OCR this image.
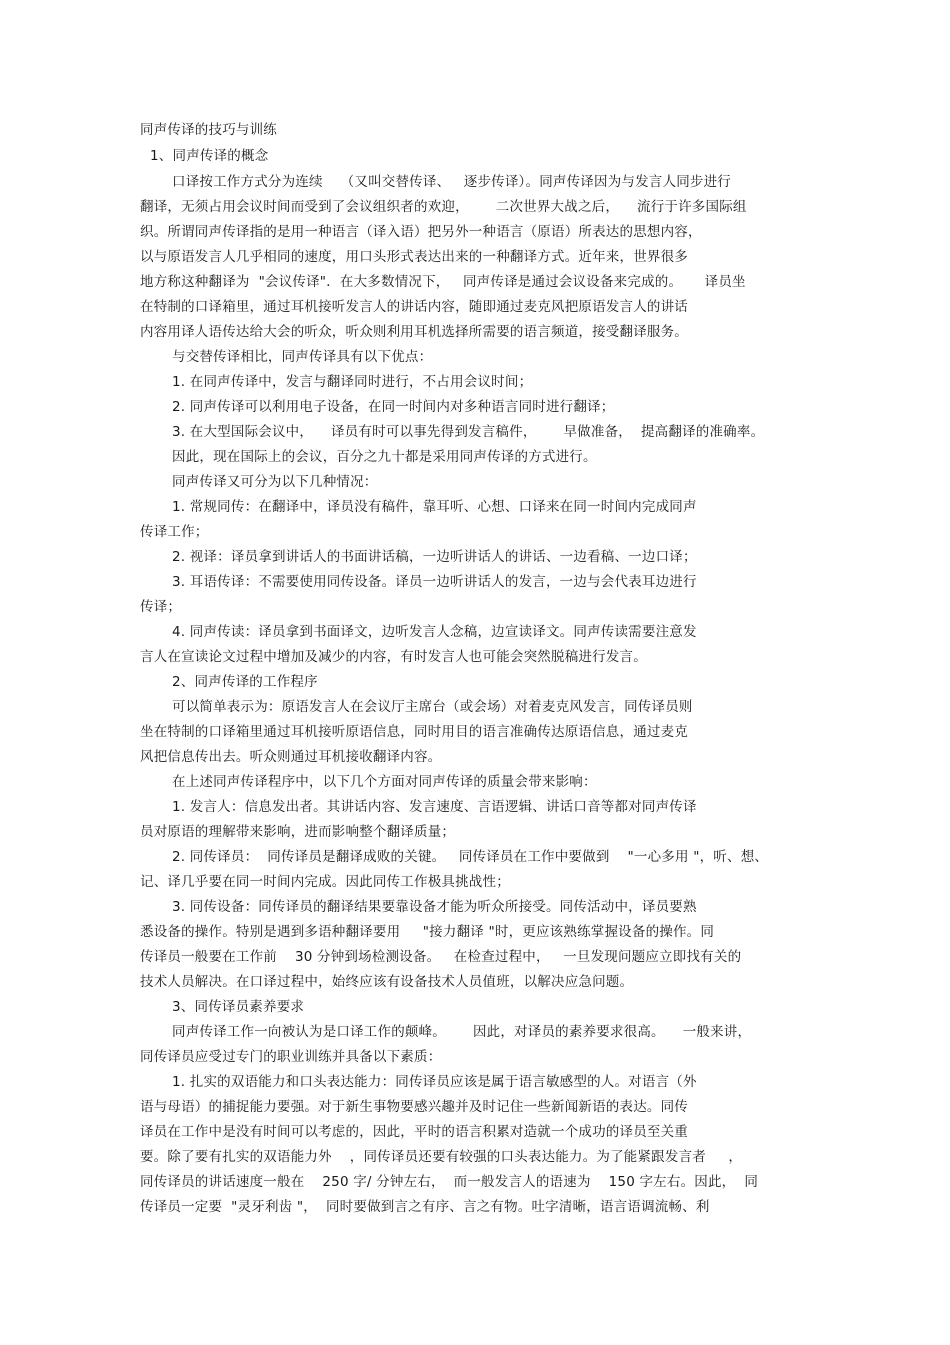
同声传译的技巧与训练
1、同声传译的概念
口译按工作方式分为连续    （又叫交替传译、   逐步传译）。同声传译因为与发言人同步进行
翻译，无须占用会议时间而受到了会议组织者的欢迎，      二次世界大战之后，    流行于许多国际组
织。所谓同声传译指的是用一种语言（译入语）把另外一种语言（原语）所表达的思想内容，
以与原语发言人几乎相同的速度，用口头形式表达出来的一种翻译方式。近年来，世界很多
地方称这种翻译为  "会议传译"．在大多数情况下，   同声传译是通过会议设备来完成的。     译员坐
在特制的口译箱里，通过耳机接听发言人的讲话内容，随即通过麦克风把原语发言人的讲话
内容用译人语传达给大会的听众，听众则利用耳机选择所需要的语言频道，接受翻译服务。
与交替传译相比，同声传译具有以下优点：
1. 在同声传译中，发言与翻译同时进行，不占用会议时间；
2. 同声传译可以利用电子设备，在同一时间内对多种语言同时进行翻译；
3. 在大型国际会议中，    译员有时可以事先得到发言稿件，      早做准备，  提高翻译的准确率。
因此，现在国际上的会议，百分之九十都是采用同声传译的方式进行。
同声传译又可分为以下几种情况：
1. 常规同传：在翻译中，译员没有稿件，靠耳听、心想、口译来在同一时间内完成同声
传译工作；
2. 视译：译员拿到讲话人的书面讲话稿，一边听讲话人的讲话、一边看稿、一边口译；
3. 耳语传译：不需要使用同传设备。译员一边听讲话人的发言，一边与会代表耳边进行
传译；
4. 同声传读：译员拿到书面译文，边听发言人念稿，边宣读译文。同声传读需要注意发
言人在宣读论文过程中增加及减少的内容，有时发言人也可能会突然脱稿进行发言。
2、同声传译的工作程序
可以简单表示为：原语发言人在会议厅主席台（或会场）对着麦克风发言，同传译员则
坐在特制的口译箱里通过耳机接听原语信息，同时用目的语言准确传达原语信息，通过麦克
风把信息传出去。听众则通过耳机接收翻译内容。
在上述同声传译程序中，以下几个方面对同声传译的质量会带来影响：
1. 发言人：信息发出者。其讲话内容、发言速度、言语逻辑、讲话口音等都对同声传译
员对原语的理解带来影响，进而影响整个翻译质量；
2. 同传译员：  同传译员是翻译成败的关键。   同传译员在工作中要做到    "一心多用 "，听、想、
记、译几乎要在同一时间内完成。因此同传工作极具挑战性；
3. 同传设备：同传译员的翻译结果要靠设备才能为听众所接受。同传活动中，译员要熟
悉设备的操作。特别是遇到多语种翻译要用     "接力翻译 "时，更应该熟练掌握设备的操作。同
传译员一般要在工作前    30 分钟到场检测设备。   在检查过程中，   一旦发现问题应立即找有关的
技术人员解决。在口译过程中，始终应该有设备技术人员值班，以解决应急问题。
3、同传译员素养要求
同声传译工作一向被认为是口译工作的颠峰。      因此，对译员的素养要求很高。    一般来讲，
同传译员应受过专门的职业训练并具备以下素质：
1. 扎实的双语能力和口头表达能力：同传译员应该是属于语言敏感型的人。对语言（外
语与母语）的捕捉能力要强。对于新生事物要感兴趣并及时记住一些新闻新语的表达。同传
译员在工作中是没有时间可以考虑的，因此，平时的语言积累对造就一个成功的译员至关重
要。除了要有扎实的双语能力外    ，同传译员还要有较强的口头表达能力。为了能紧跟发言者     ，
同传译员的讲话速度一般在    250 字/ 分钟左右，  而一般发言人的语速为    150 字左右。因此，  同
传译员一定要  "灵牙利齿 "，  同时要做到言之有序、言之有物。吐字清晰，语言语调流畅、利
